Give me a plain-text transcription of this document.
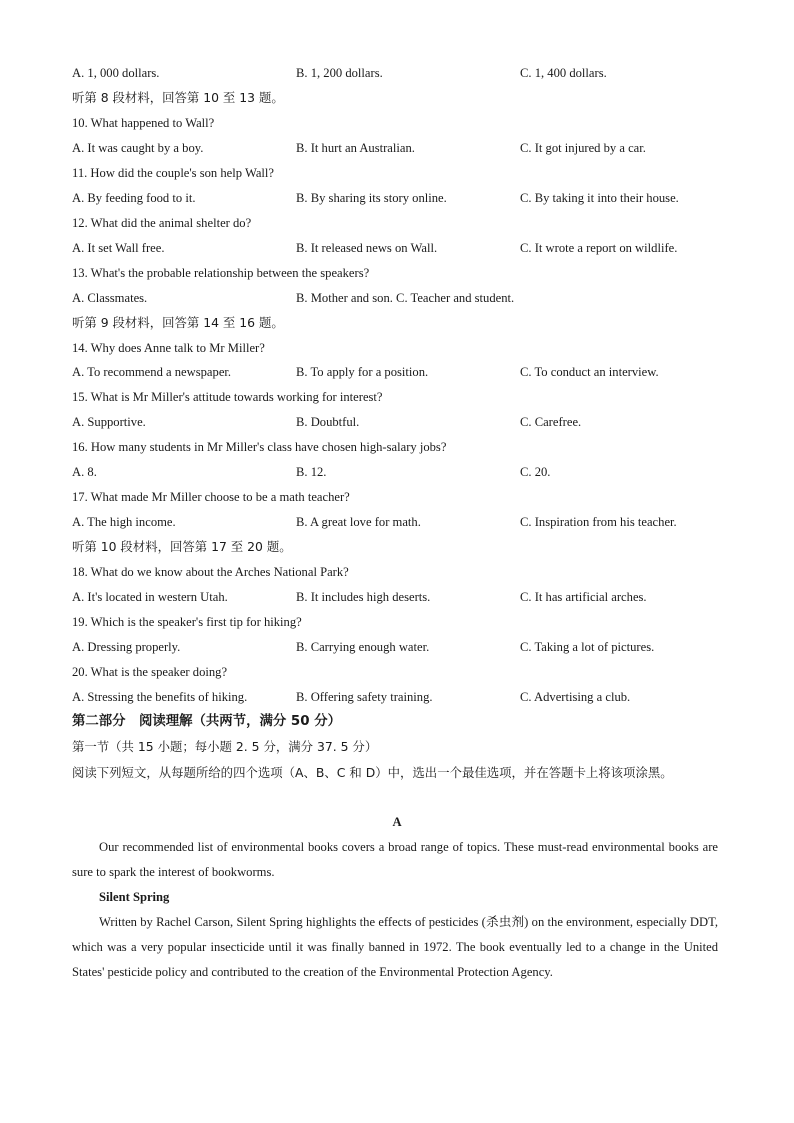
A. 1, 000 dollars.	B. 1, 200 dollars.	C. 1, 400 dollars.
听第 8 段材料，回答第 10 至 13 题。
10. What happened to Wall?
A. It was caught by a boy.	B. It hurt an Australian.	C. It got injured by a car.
11. How did the couple's son help Wall?
A. By feeding food to it.	B. By sharing its story online.	C. By taking it into their house.
12. What did the animal shelter do?
A. It set Wall free.	B. It released news on Wall.	C. It wrote a report on wildlife.
13. What's the probable relationship between the speakers?
A. Classmates.	B. Mother and son. C. Teacher and student.
听第 9 段材料，回答第 14 至 16 题。
14. Why does Anne talk to Mr Miller?
A. To recommend a newspaper.	B. To apply for a position.	C. To conduct an interview.
15. What is Mr Miller's attitude towards working for interest?
A. Supportive.	B. Doubtful.	C. Carefree.
16. How many students in Mr Miller's class have chosen high-salary jobs?
A. 8.	B. 12.	C. 20.
17. What made Mr Miller choose to be a math teacher?
A. The high income.	B. A great love for math.	C. Inspiration from his teacher.
听第 10 段材料，回答第 17 至 20 题。
18. What do we know about the Arches National Park?
A. It's located in western Utah.	B. It includes high deserts.	C. It has artificial arches.
19. Which is the speaker's first tip for hiking?
A. Dressing properly.	B. Carrying enough water.	C. Taking a lot of pictures.
20. What is the speaker doing?
A. Stressing the benefits of hiking.	B. Offering safety training.	C. Advertising a club.
第二部分　阅读理解（共两节，满分 50 分）
第一节（共 15 小题；每小题 2. 5 分，满分 37. 5 分）
阅读下列短文，从每题所给的四个选项（A、B、C 和 D）中，选出一个最佳选项，并在答题卡上将该项涂黑。
A
Our recommended list of environmental books covers a broad range of topics. These must-read environmental books are sure to spark the interest of bookworms.
Silent Spring
Written by Rachel Carson, Silent Spring highlights the effects of pesticides (杀虫剂) on the environment, especially DDT, which was a very popular insecticide until it was finally banned in 1972. The book eventually led to a change in the United States' pesticide policy and contributed to the creation of the Environmental Protection Agency.
